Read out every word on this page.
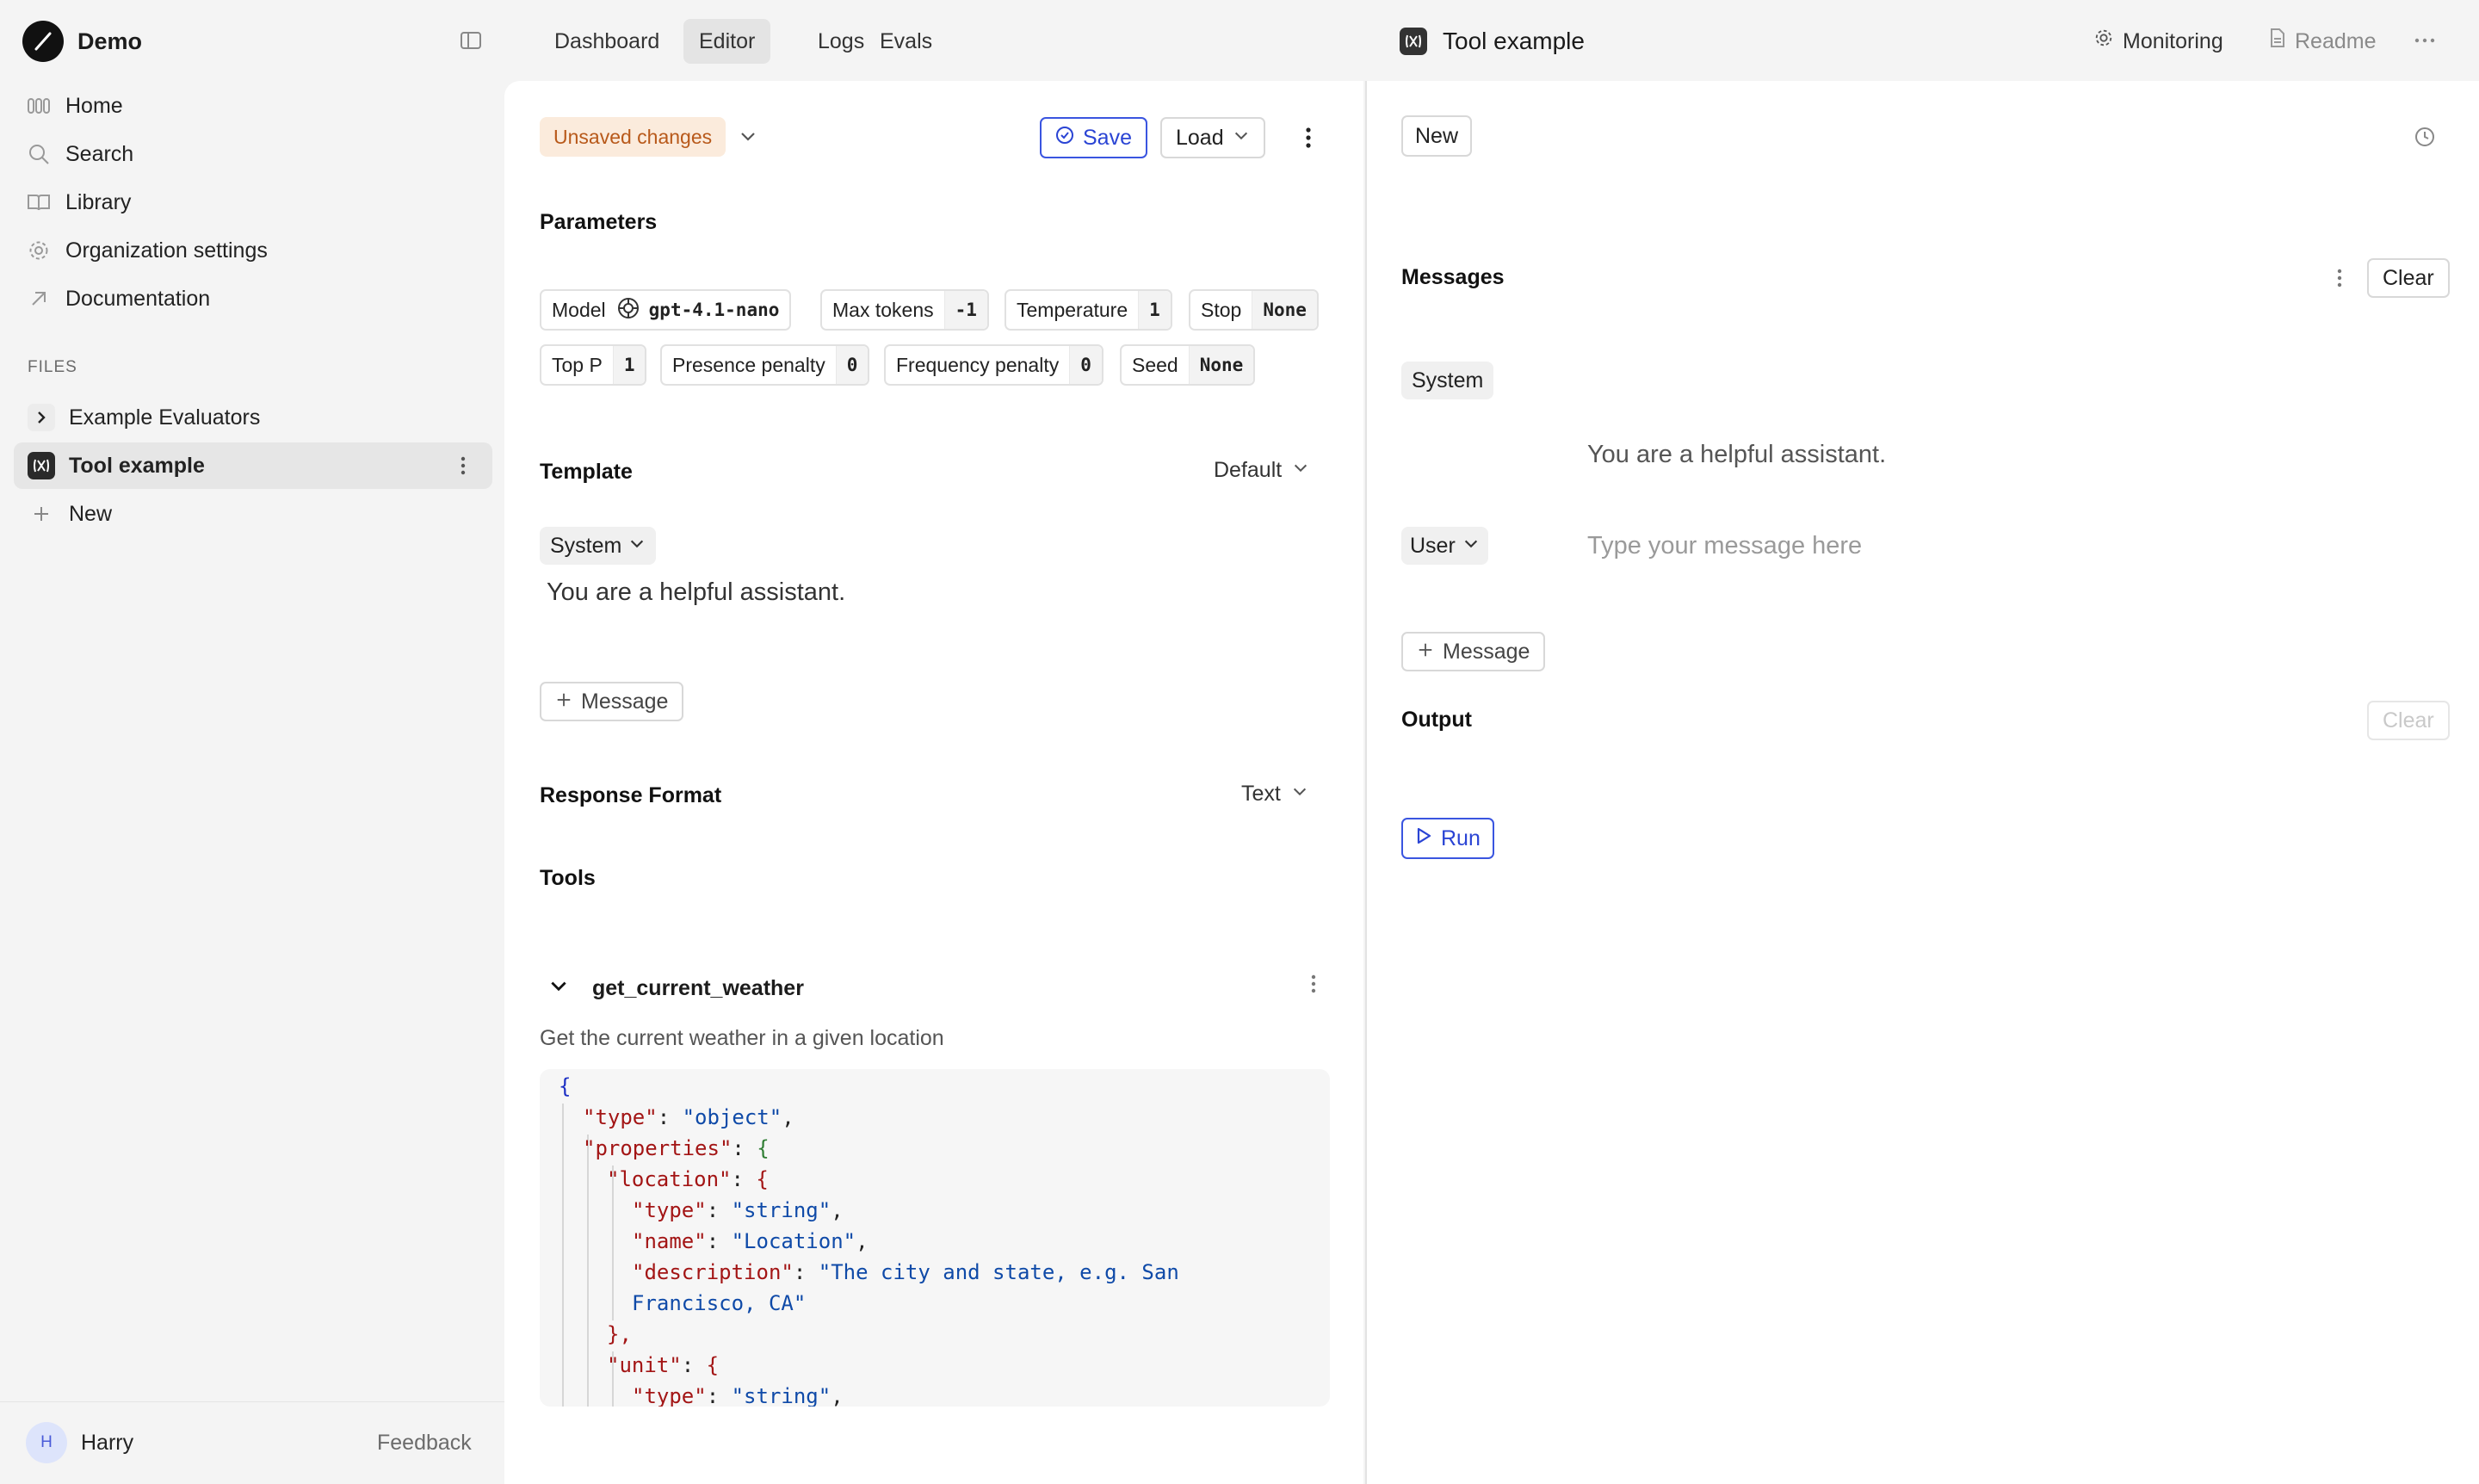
Demo
Home
Search
Library
Organization settings
Documentation
FILES
Example Evaluators
Tool example
New
H	Harry	Feedback
Dashboard	Editor	Logs Evals	Tool example	Monitoring	Readme
Unsaved changes	Save Load
Parameters
Model	gpt-4.1-nano	Max tokens	-1	Temperature	1	Stop	None
Top P	1	Presence penalty	0	Frequency penalty	0	Seed	None
Template	Default
System
You are a helpful assistant.
Message
Response Format	Text
Tools
get_current_weather
Get the current weather in a given location
{
"type": "object",
"properties": {
"location": {
"type": "string",
"name": "Location",
"description": "The city and state, e.g. San
Francisco, CA"
},
"unit": {
"type": "string",
New
Messages	Clear
System
You are a helpful assistant.
User	Type your message here
Message
Output	Clear
Run
